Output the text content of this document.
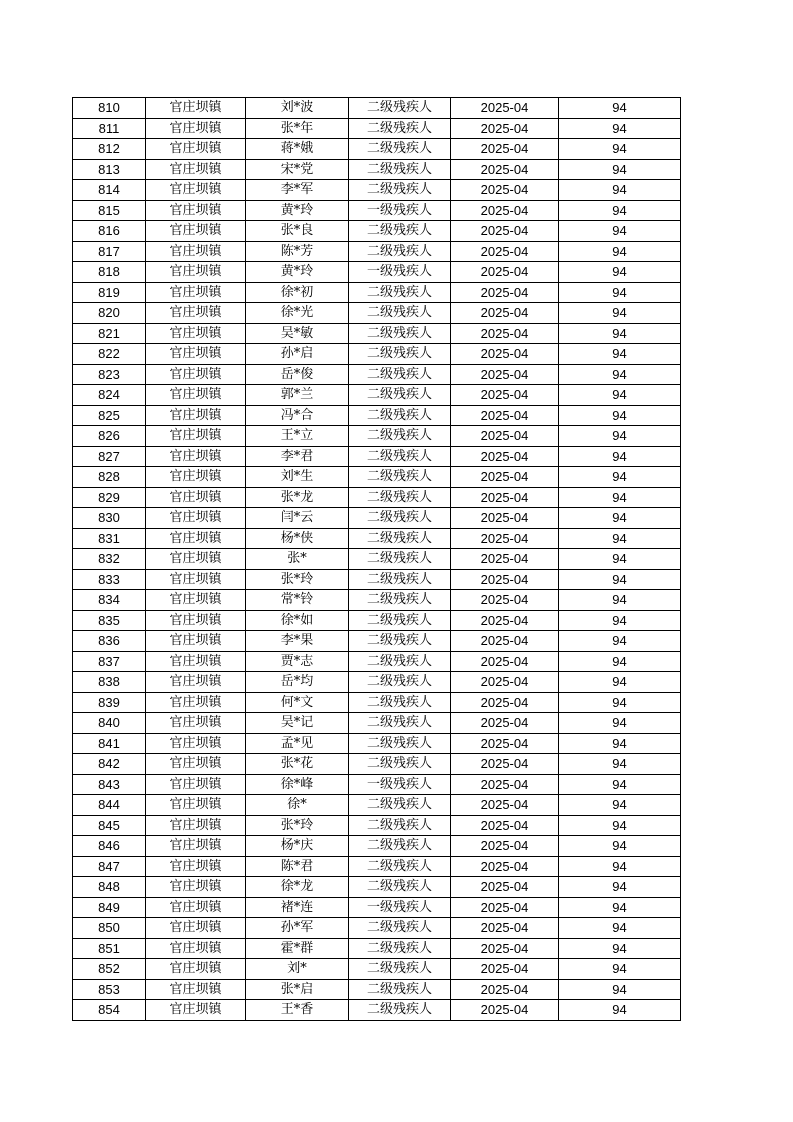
810	官庄坝镇	刘*波	二级残疾人	2025-04	94
811	官庄坝镇	张*年	二级残疾人	2025-04	94
812	官庄坝镇	蒋*娥	二级残疾人	2025-04	94
813	官庄坝镇	宋*党	二级残疾人	2025-04	94
814	官庄坝镇	李*军	二级残疾人	2025-04	94
815	官庄坝镇	黄*玲	一级残疾人	2025-04	94
816	官庄坝镇	张*良	二级残疾人	2025-04	94
817	官庄坝镇	陈*芳	二级残疾人	2025-04	94
818	官庄坝镇	黄*玲	一级残疾人	2025-04	94
819	官庄坝镇	徐*初	二级残疾人	2025-04	94
820	官庄坝镇	徐*光	二级残疾人	2025-04	94
821	官庄坝镇	吴*敏	二级残疾人	2025-04	94
822	官庄坝镇	孙*启	二级残疾人	2025-04	94
823	官庄坝镇	岳*俊	二级残疾人	2025-04	94
824	官庄坝镇	郭*兰	二级残疾人	2025-04	94
825	官庄坝镇	冯*合	二级残疾人	2025-04	94
826	官庄坝镇	王*立	二级残疾人	2025-04	94
827	官庄坝镇	李*君	二级残疾人	2025-04	94
828	官庄坝镇	刘*生	二级残疾人	2025-04	94
829	官庄坝镇	张*龙	二级残疾人	2025-04	94
830	官庄坝镇	闫*云	二级残疾人	2025-04	94
831	官庄坝镇	杨*侠	二级残疾人	2025-04	94
832	官庄坝镇	张*	二级残疾人	2025-04	94
833	官庄坝镇	张*玲	二级残疾人	2025-04	94
834	官庄坝镇	常*铃	二级残疾人	2025-04	94
835	官庄坝镇	徐*如	二级残疾人	2025-04	94
836	官庄坝镇	李*果	二级残疾人	2025-04	94
837	官庄坝镇	贾*志	二级残疾人	2025-04	94
838	官庄坝镇	岳*均	二级残疾人	2025-04	94
839	官庄坝镇	何*文	二级残疾人	2025-04	94
840	官庄坝镇	吴*记	二级残疾人	2025-04	94
841	官庄坝镇	孟*见	二级残疾人	2025-04	94
842	官庄坝镇	张*花	二级残疾人	2025-04	94
843	官庄坝镇	徐*峰	一级残疾人	2025-04	94
844	官庄坝镇	徐*	二级残疾人	2025-04	94
845	官庄坝镇	张*玲	二级残疾人	2025-04	94
846	官庄坝镇	杨*庆	二级残疾人	2025-04	94
847	官庄坝镇	陈*君	二级残疾人	2025-04	94
848	官庄坝镇	徐*龙	二级残疾人	2025-04	94
849	官庄坝镇	褚*连	一级残疾人	2025-04	94
850	官庄坝镇	孙*军	二级残疾人	2025-04	94
851	官庄坝镇	霍*群	二级残疾人	2025-04	94
852	官庄坝镇	刘*	二级残疾人	2025-04	94
853	官庄坝镇	张*启	二级残疾人	2025-04	94
854	官庄坝镇	王*香	二级残疾人	2025-04	94
